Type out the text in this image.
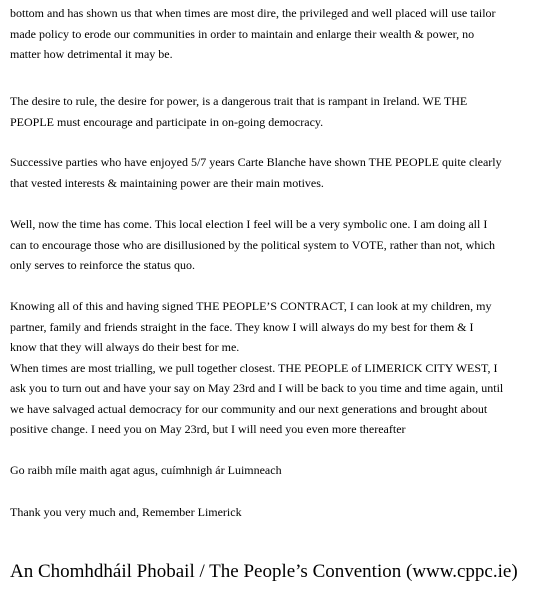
bottom and has shown us that when times are most dire, the privileged and well placed will use tailor
made policy to erode our communities in order to maintain and enlarge their wealth & power, no
matter how detrimental it may be.

The desire to rule, the desire for power, is a dangerous trait that is rampant in Ireland. WE THE
PEOPLE must encourage and participate in on-going democracy.

Successive parties who have enjoyed 5/7 years Carte Blanche have shown THE PEOPLE quite clearly
that vested interests & maintaining power are their main motives.

Well, now the time has come. This local election I feel will be a very symbolic one. I am doing all I
can to encourage those who are disillusioned by the political system to VOTE, rather than not, which
only serves to reinforce the status quo.

Knowing all of this and having signed THE PEOPLE’S CONTRACT, I can look at my children, my
partner, family and friends straight in the face. They know I will always do my best for them & I
know that they will always do their best for me.
When times are most trialling, we pull together closest. THE PEOPLE of LIMERICK CITY WEST, I
ask you to turn out and have your say on May 23rd and I will be back to you time and time again, until
we have salvaged actual democracy for our community and our next generations and brought about
positive change. I need you on May 23rd, but I will need you even more thereafter

Go raibh míle maith agat agus, cuímhnigh ár Luimneach

Thank you very much and, Remember Limerick

An Chomhdháil Phobail / The People’s Convention (www.cppc.ie)
